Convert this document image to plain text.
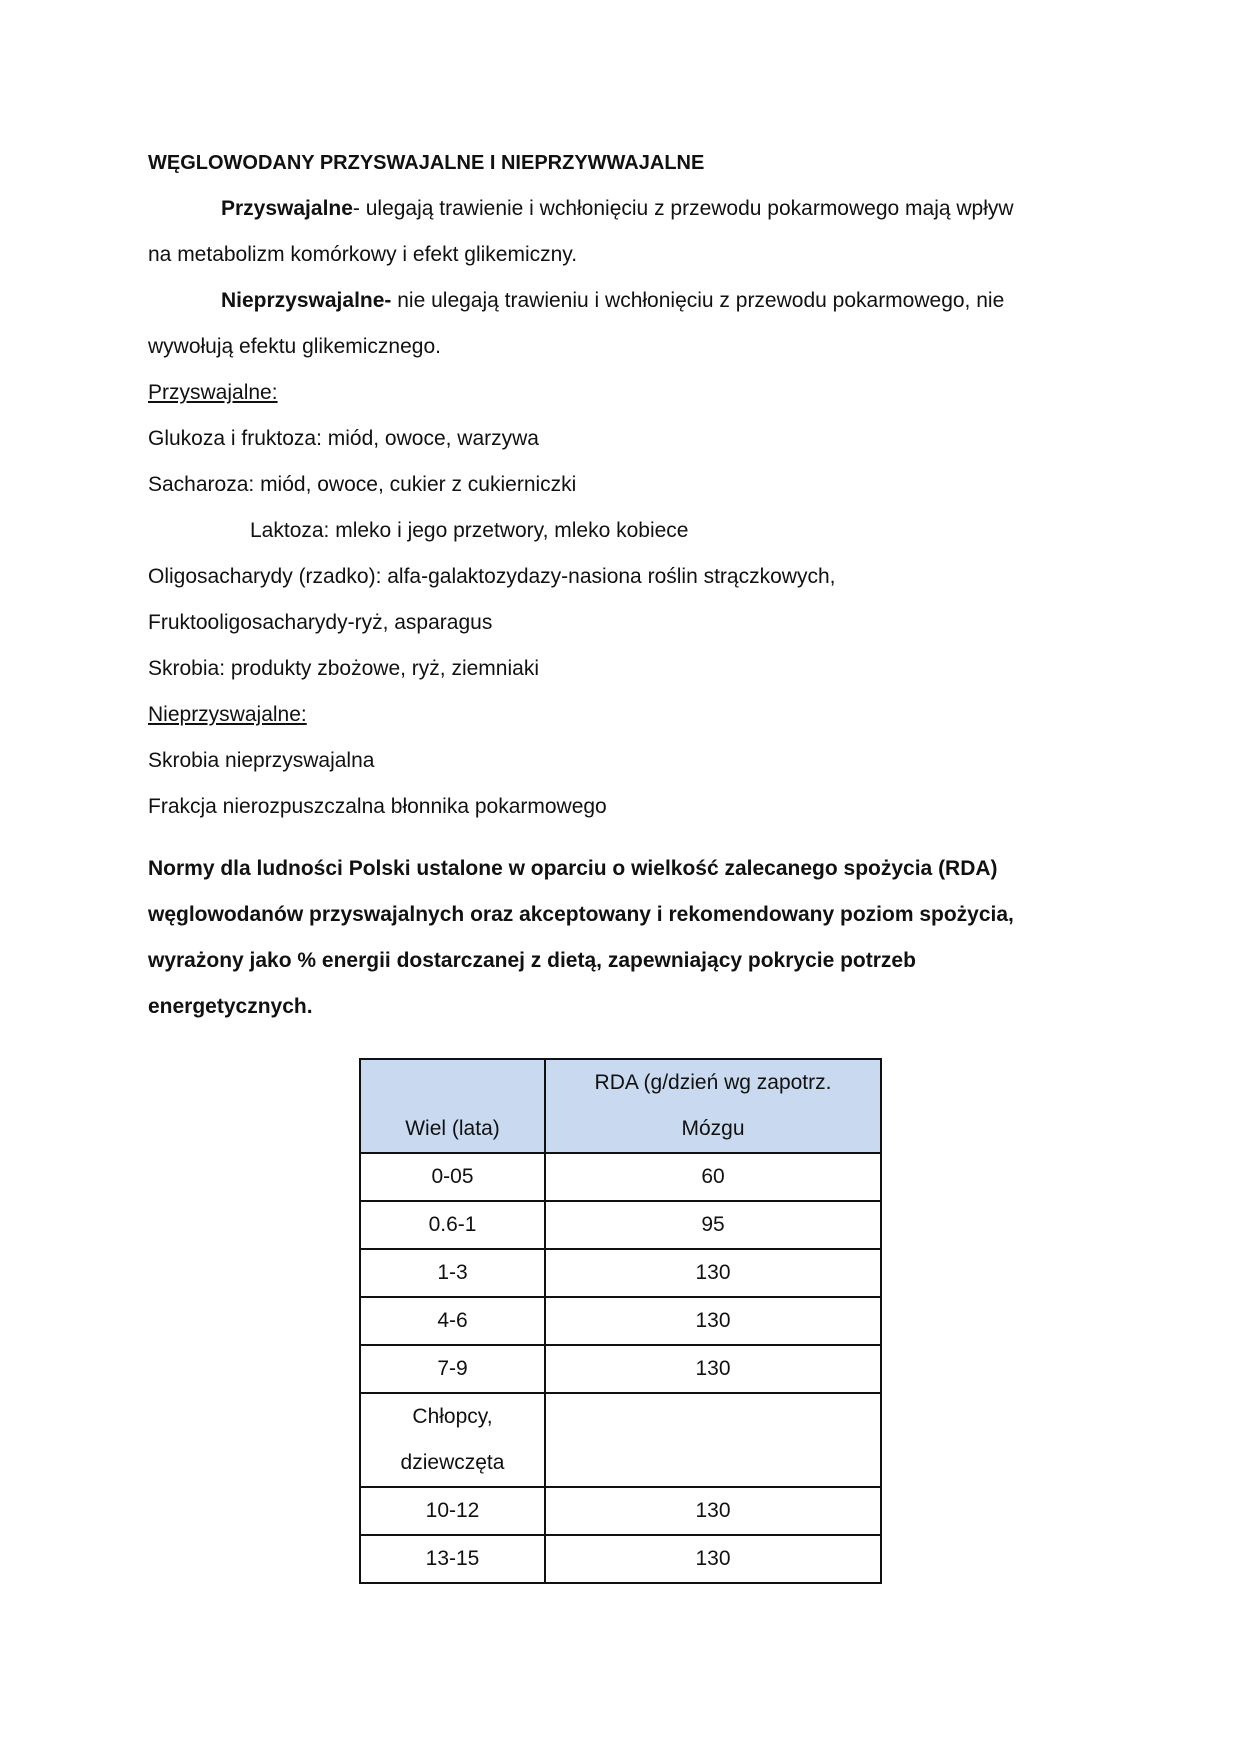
WĘGLOWODANY PRZYSWAJALNE I NIEPRZYWWAJALNE
Przyswajalne- ulegają trawienie i wchłonięciu z przewodu pokarmowego mają wpływ
na metabolizm komórkowy i efekt glikemiczny.
Nieprzyswajalne- nie ulegają trawieniu i wchłonięciu z przewodu pokarmowego, nie
wywołują efektu glikemicznego.
Przyswajalne:
Glukoza i fruktoza: miód, owoce, warzywa
Sacharoza: miód, owoce, cukier z cukierniczki
Laktoza: mleko i jego przetwory, mleko kobiece
Oligosacharydy (rzadko): alfa-galaktozydazy-nasiona roślin strączkowych,
Fruktooligosacharydy-ryż, asparagus
Skrobia: produkty zbożowe, ryż, ziemniaki
Nieprzyswajalne:
Skrobia nieprzyswajalna
Frakcja nierozpuszczalna błonnika pokarmowego
Normy dla ludności Polski ustalone w oparciu o wielkość zalecanego spożycia (RDA)
węglowodanów przyswajalnych oraz akceptowany i rekomendowany poziom spożycia,
wyrażony jako % energii dostarczanej z dietą, zapewniający pokrycie potrzeb
energetycznych.

Wiel (lata)	RDA (g/dzień wg zapotrz.
Mózgu
0-05	60
0.6-1	95
1-3	130
4-6	130
7-9	130
Chłopcy,
dziewczęta	
10-12	130
13-15	130
